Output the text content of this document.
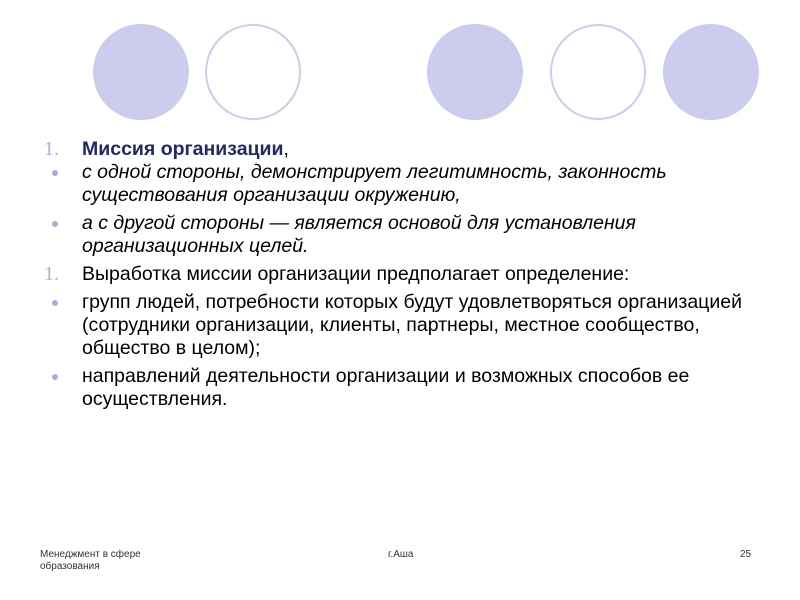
1. Миссия организации,
с одной стороны, демонстрирует легитимность, законность существования организации окружению,
а с другой стороны — является основой для установления организационных целей.
1. Выработка миссии организации предполагает определение:
групп людей, потребности которых будут удовлетворяться организацией (сотрудники организации, клиенты, партнеры, местное сообщество, общество в целом);
направлений деятельности организации и возможных способов ее осуществления.
Менеджмент в сфере образования
г.Аша	25
